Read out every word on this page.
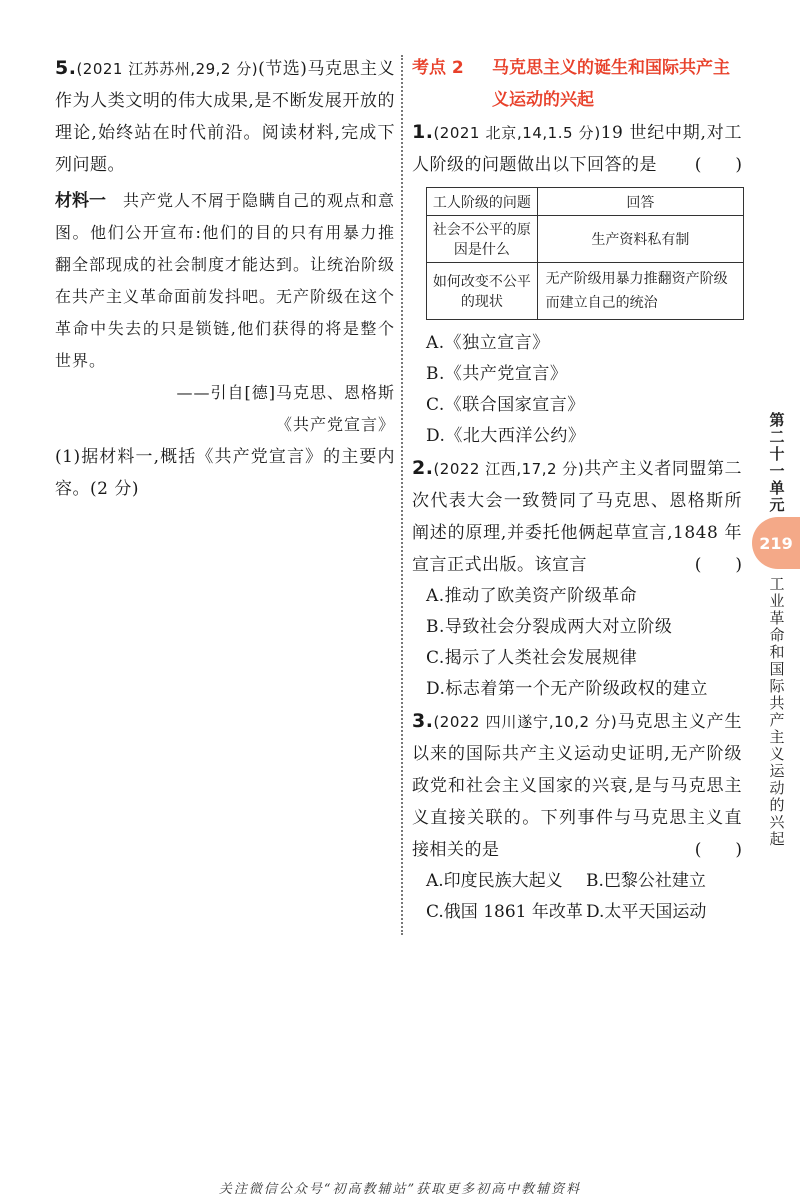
5.(2021 江苏苏州,29,2 分)(节选)马克思主义作为人类文明的伟大成果,是不断发展开放的理论,始终站在时代前沿。阅读材料,完成下列问题。
材料一  共产党人不屑于隐瞒自己的观点和意图。他们公开宣布:他们的目的只有用暴力推翻全部现成的社会制度才能达到。让统治阶级在共产主义革命面前发抖吧。无产阶级在这个革命中失去的只是锁链,他们获得的将是整个世界。
——引自[德]马克思、恩格斯
《共产党宣言》
(1)据材料一,概括《共产党宣言》的主要内容。(2 分)
考点 2 马克思主义的诞生和国际共产主义运动的兴起
1.(2021 北京,14,1.5 分)19 世纪中期,对工人阶级的问题做出以下回答的是 (　　)
工人阶级的问题	回答
社会不公平的原因是什么	生产资料私有制
如何改变不公平的现状	无产阶级用暴力推翻资产阶级而建立自己的统治
A.《独立宣言》
B.《共产党宣言》
C.《联合国家宣言》
D.《北大西洋公约》
2.(2022 江西,17,2 分)共产主义者同盟第二次代表大会一致赞同了马克思、恩格斯所阐述的原理,并委托他俩起草宣言,1848 年宣言正式出版。该宣言	(　　)
A.推动了欧美资产阶级革命
B.导致社会分裂成两大对立阶级
C.揭示了人类社会发展规律
D.标志着第一个无产阶级政权的建立
3.(2022 四川遂宁,10,2 分)马克思主义产生以来的国际共产主义运动史证明,无产阶级政党和社会主义国家的兴衰,是与马克思主义直接关联的。下列事件与马克思主义直接相关的是	(　　)
A.印度民族大起义	B.巴黎公社建立
C.俄国 1861 年改革 D.太平天国运动
第二十一单元
219
工业革命和国际共产主义运动的兴起
关注微信公众号“初高教辅站”获取更多初高中教辅资料
